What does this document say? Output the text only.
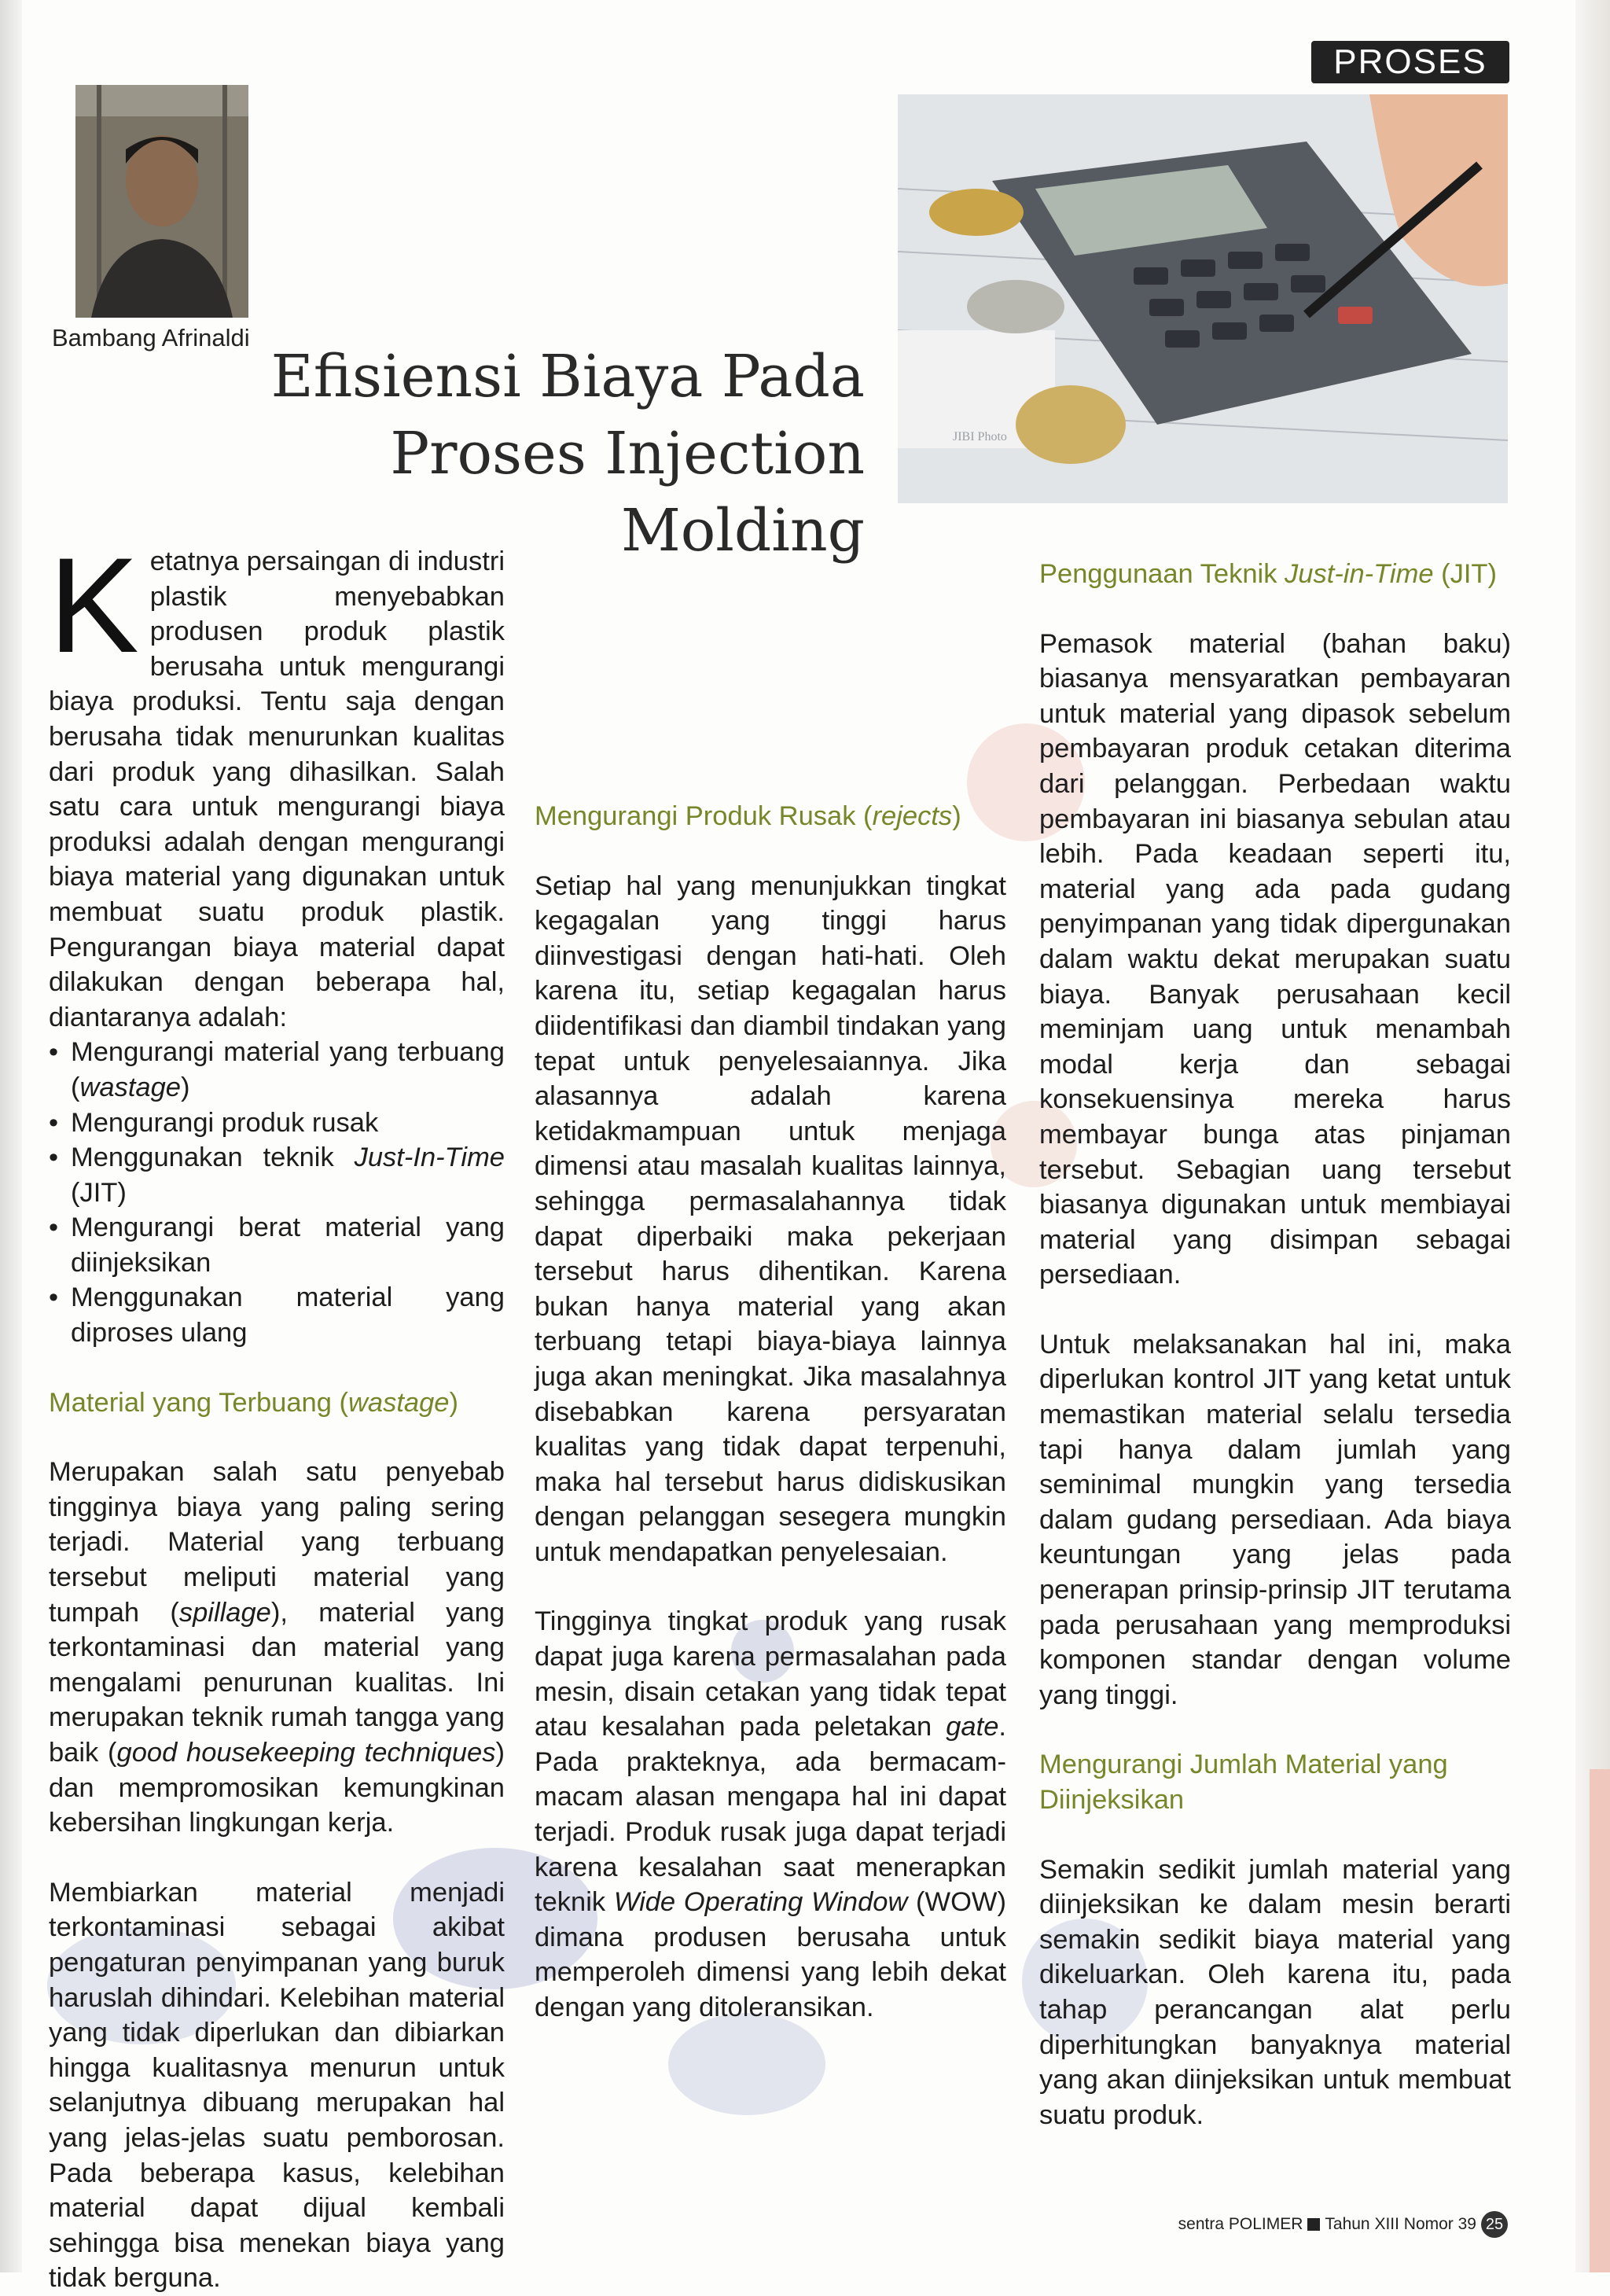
PROSES
Bambang Afrinaldi
Efisiensi Biaya Pada
Proses Injection Molding
JIBI Photo

Ketatnya persaingan di industri plastik menyebabkan produsen produk plastik berusaha untuk mengurangi biaya produksi. Tentu saja dengan berusaha tidak menurunkan kualitas dari produk yang dihasilkan. Salah satu cara untuk mengurangi biaya produksi adalah dengan mengurangi biaya material yang digunakan untuk membuat suatu produk plastik. Pengurangan biaya material dapat dilakukan dengan beberapa hal, diantaranya adalah:

• Mengurangi material yang terbuang (wastage)
• Mengurangi produk rusak
• Menggunakan teknik Just-In-Time (JIT)
• Mengurangi berat material yang diinjeksikan
• Menggunakan material yang diproses ulang

Material yang Terbuang (wastage)

Merupakan salah satu penyebab tingginya biaya yang paling sering terjadi. Material yang terbuang tersebut meliputi material yang tumpah (spillage), material yang terkontaminasi dan material yang mengalami penurunan kualitas. Ini merupakan teknik rumah tangga yang baik (good housekeeping techniques) dan mempromosikan kemungkinan kebersihan lingkungan kerja.

Membiarkan material menjadi terkontaminasi sebagai akibat pengaturan penyimpanan yang buruk haruslah dihindari. Kelebihan material yang tidak diperlukan dan dibiarkan hingga kualitasnya menurun untuk selanjutnya dibuang merupakan hal yang jelas-jelas suatu pemborosan. Pada beberapa kasus, kelebihan material dapat dijual kembali sehingga bisa menekan biaya yang tidak berguna.

Mengurangi Produk Rusak (rejects)

Setiap hal yang menunjukkan tingkat kegagalan yang tinggi harus diinvestigasi dengan hati-hati. Oleh karena itu, setiap kegagalan harus diidentifikasi dan diambil tindakan yang tepat untuk penyelesaiannya. Jika alasannya adalah karena ketidakmampuan untuk menjaga dimensi atau masalah kualitas lainnya, sehingga permasalahannya tidak dapat diperbaiki maka pekerjaan tersebut harus dihentikan. Karena bukan hanya material yang akan terbuang tetapi biaya-biaya lainnya juga akan meningkat. Jika masalahnya disebabkan karena persyaratan kualitas yang tidak dapat terpenuhi, maka hal tersebut harus didiskusikan dengan pelanggan sesegera mungkin untuk mendapatkan penyelesaian.

Tingginya tingkat produk yang rusak dapat juga karena permasalahan pada mesin, disain cetakan yang tidak tepat atau kesalahan pada peletakan gate. Pada prakteknya, ada bermacam-macam alasan mengapa hal ini dapat terjadi. Produk rusak juga dapat terjadi karena kesalahan saat menerapkan teknik Wide Operating Window (WOW) dimana produsen berusaha untuk memperoleh dimensi yang lebih dekat dengan yang ditoleransikan.

Penggunaan Teknik Just-in-Time (JIT)

Pemasok material (bahan baku) biasanya mensyaratkan pembayaran untuk material yang dipasok sebelum pembayaran produk cetakan diterima dari pelanggan. Perbedaan waktu pembayaran ini biasanya sebulan atau lebih. Pada keadaan seperti itu, material yang ada pada gudang penyimpanan yang tidak dipergunakan dalam waktu dekat merupakan suatu biaya. Banyak perusahaan kecil meminjam uang untuk menambah modal kerja dan sebagai konsekuensinya mereka harus membayar bunga atas pinjaman tersebut. Sebagian uang tersebut biasanya digunakan untuk membiayai material yang disimpan sebagai persediaan.

Untuk melaksanakan hal ini, maka diperlukan kontrol JIT yang ketat untuk memastikan material selalu tersedia tapi hanya dalam jumlah yang seminimal mungkin yang tersedia dalam gudang persediaan. Ada biaya keuntungan yang jelas pada penerapan prinsip-prinsip JIT terutama pada perusahaan yang memproduksi komponen standar dengan volume yang tinggi.

Mengurangi Jumlah Material yang Diinjeksikan

Semakin sedikit jumlah material yang diinjeksikan ke dalam mesin berarti semakin sedikit biaya material yang dikeluarkan. Oleh karena itu, pada tahap perancangan alat perlu diperhitungkan banyaknya material yang akan diinjeksikan untuk membuat suatu produk.

sentra POLIMER Tahun XIII Nomor 39 25
